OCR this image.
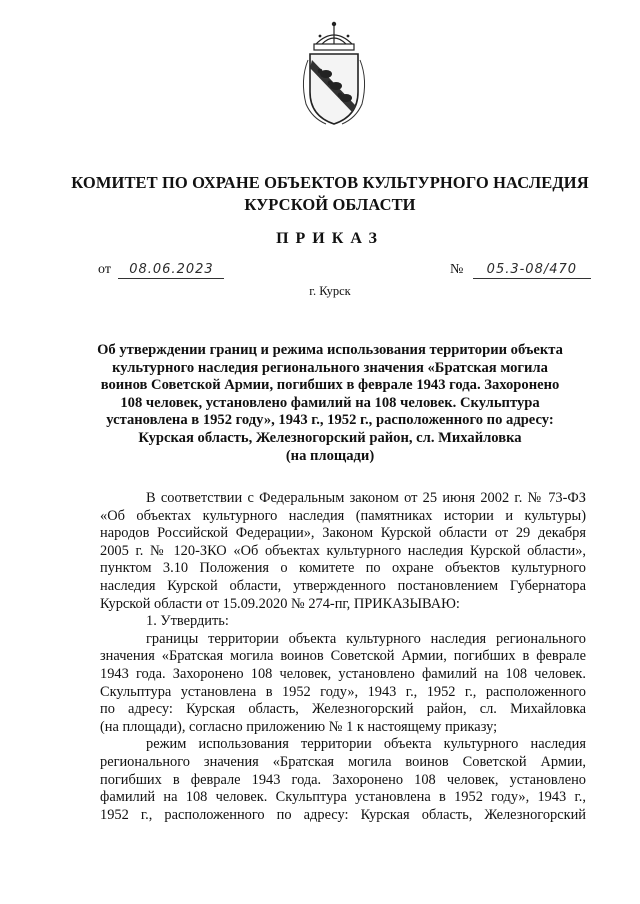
КОМИТЕТ ПО ОХРАНЕ ОБЪЕКТОВ КУЛЬТУРНОГО НАСЛЕДИЯ
КУРСКОЙ ОБЛАСТИ
ПРИКАЗ
от 08.06.2023	№ 05.3-08/470
г. Курск
Об утверждении границ и режима использования территории объекта
культурного наследия регионального значения «Братская могила
воинов Советской Армии, погибших в феврале 1943 года. Захоронено
108 человек, установлено фамилий на 108 человек. Скульптура
установлена в 1952 году», 1943 г., 1952 г., расположенного по адресу:
Курская область, Железногорский район, сл. Михайловка
(на площади)
В соответствии с Федеральным законом от 25 июня 2002 г. № 73-ФЗ
«Об объектах культурного наследия (памятниках истории и культуры)
народов Российской Федерации», Законом Курской области от 29 декабря
2005 г. № 120-ЗКО «Об объектах культурного наследия Курской области»,
пунктом 3.10 Положения о комитете по охране объектов культурного
наследия Курской области, утвержденного постановлением Губернатора
Курской области от 15.09.2020 № 274-пг, ПРИКАЗЫВАЮ:
1. Утвердить:
границы территории объекта культурного наследия регионального
значения «Братская могила воинов Советской Армии, погибших в феврале
1943 года. Захоронено 108 человек, установлено фамилий на 108 человек.
Скульптура установлена в 1952 году», 1943 г., 1952 г., расположенного
по адресу: Курская область, Железногорский район, сл. Михайловка
(на площади), согласно приложению № 1 к настоящему приказу;
режим использования территории объекта культурного наследия
регионального значения «Братская могила воинов Советской Армии,
погибших в феврале 1943 года. Захоронено 108 человек, установлено
фамилий на 108 человек. Скульптура установлена в 1952 году», 1943 г.,
1952 г., расположенного по адресу: Курская область, Железногорский
